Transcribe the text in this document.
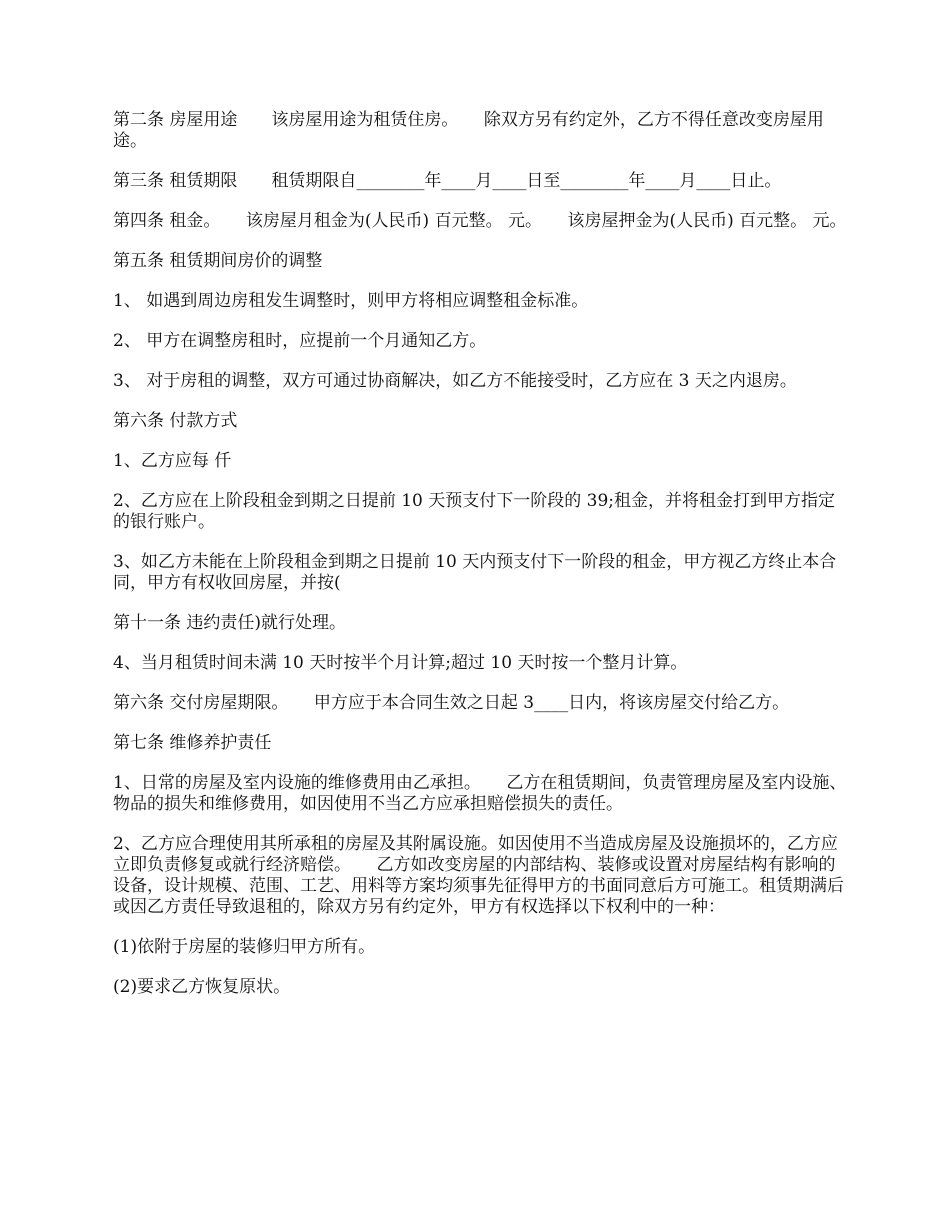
第二条 房屋用途　　该房屋用途为租赁住房。　　除双方另有约定外，乙方不得任意改变房屋用途。

第三条 租赁期限　　租赁期限自________年____月____日至________年____月____日止。

第四条 租金。　　该房屋月租金为(人民币) 百元整。 元。　　该房屋押金为(人民币) 百元整。 元。

第五条 租赁期间房价的调整

1、 如遇到周边房租发生调整时，则甲方将相应调整租金标准。

2、 甲方在调整房租时，应提前一个月通知乙方。

3、 对于房租的调整，双方可通过协商解决，如乙方不能接受时，乙方应在 3 天之内退房。

第六条 付款方式

1、乙方应每 仟

2、乙方应在上阶段租金到期之日提前 10 天预支付下一阶段的 39;租金，并将租金打到甲方指定的银行账户。

3、如乙方未能在上阶段租金到期之日提前 10 天内预支付下一阶段的租金，甲方视乙方终止本合同，甲方有权收回房屋，并按(

第十一条 违约责任)就行处理。

4、当月租赁时间未满 10 天时按半个月计算;超过 10 天时按一个整月计算。

第六条 交付房屋期限。　　甲方应于本合同生效之日起 3____日内，将该房屋交付给乙方。

第七条 维修养护责任

1、日常的房屋及室内设施的维修费用由乙承担。　　乙方在租赁期间，负责管理房屋及室内设施、物品的损失和维修费用，如因使用不当乙方应承担赔偿损失的责任。

2、乙方应合理使用其所承租的房屋及其附属设施。如因使用不当造成房屋及设施损坏的，乙方应立即负责修复或就行经济赔偿。　　乙方如改变房屋的内部结构、装修或设置对房屋结构有影响的设备，设计规模、范围、工艺、用料等方案均须事先征得甲方的书面同意后方可施工。租赁期满后或因乙方责任导致退租的，除双方另有约定外，甲方有权选择以下权利中的一种：

(1)依附于房屋的装修归甲方所有。

(2)要求乙方恢复原状。
